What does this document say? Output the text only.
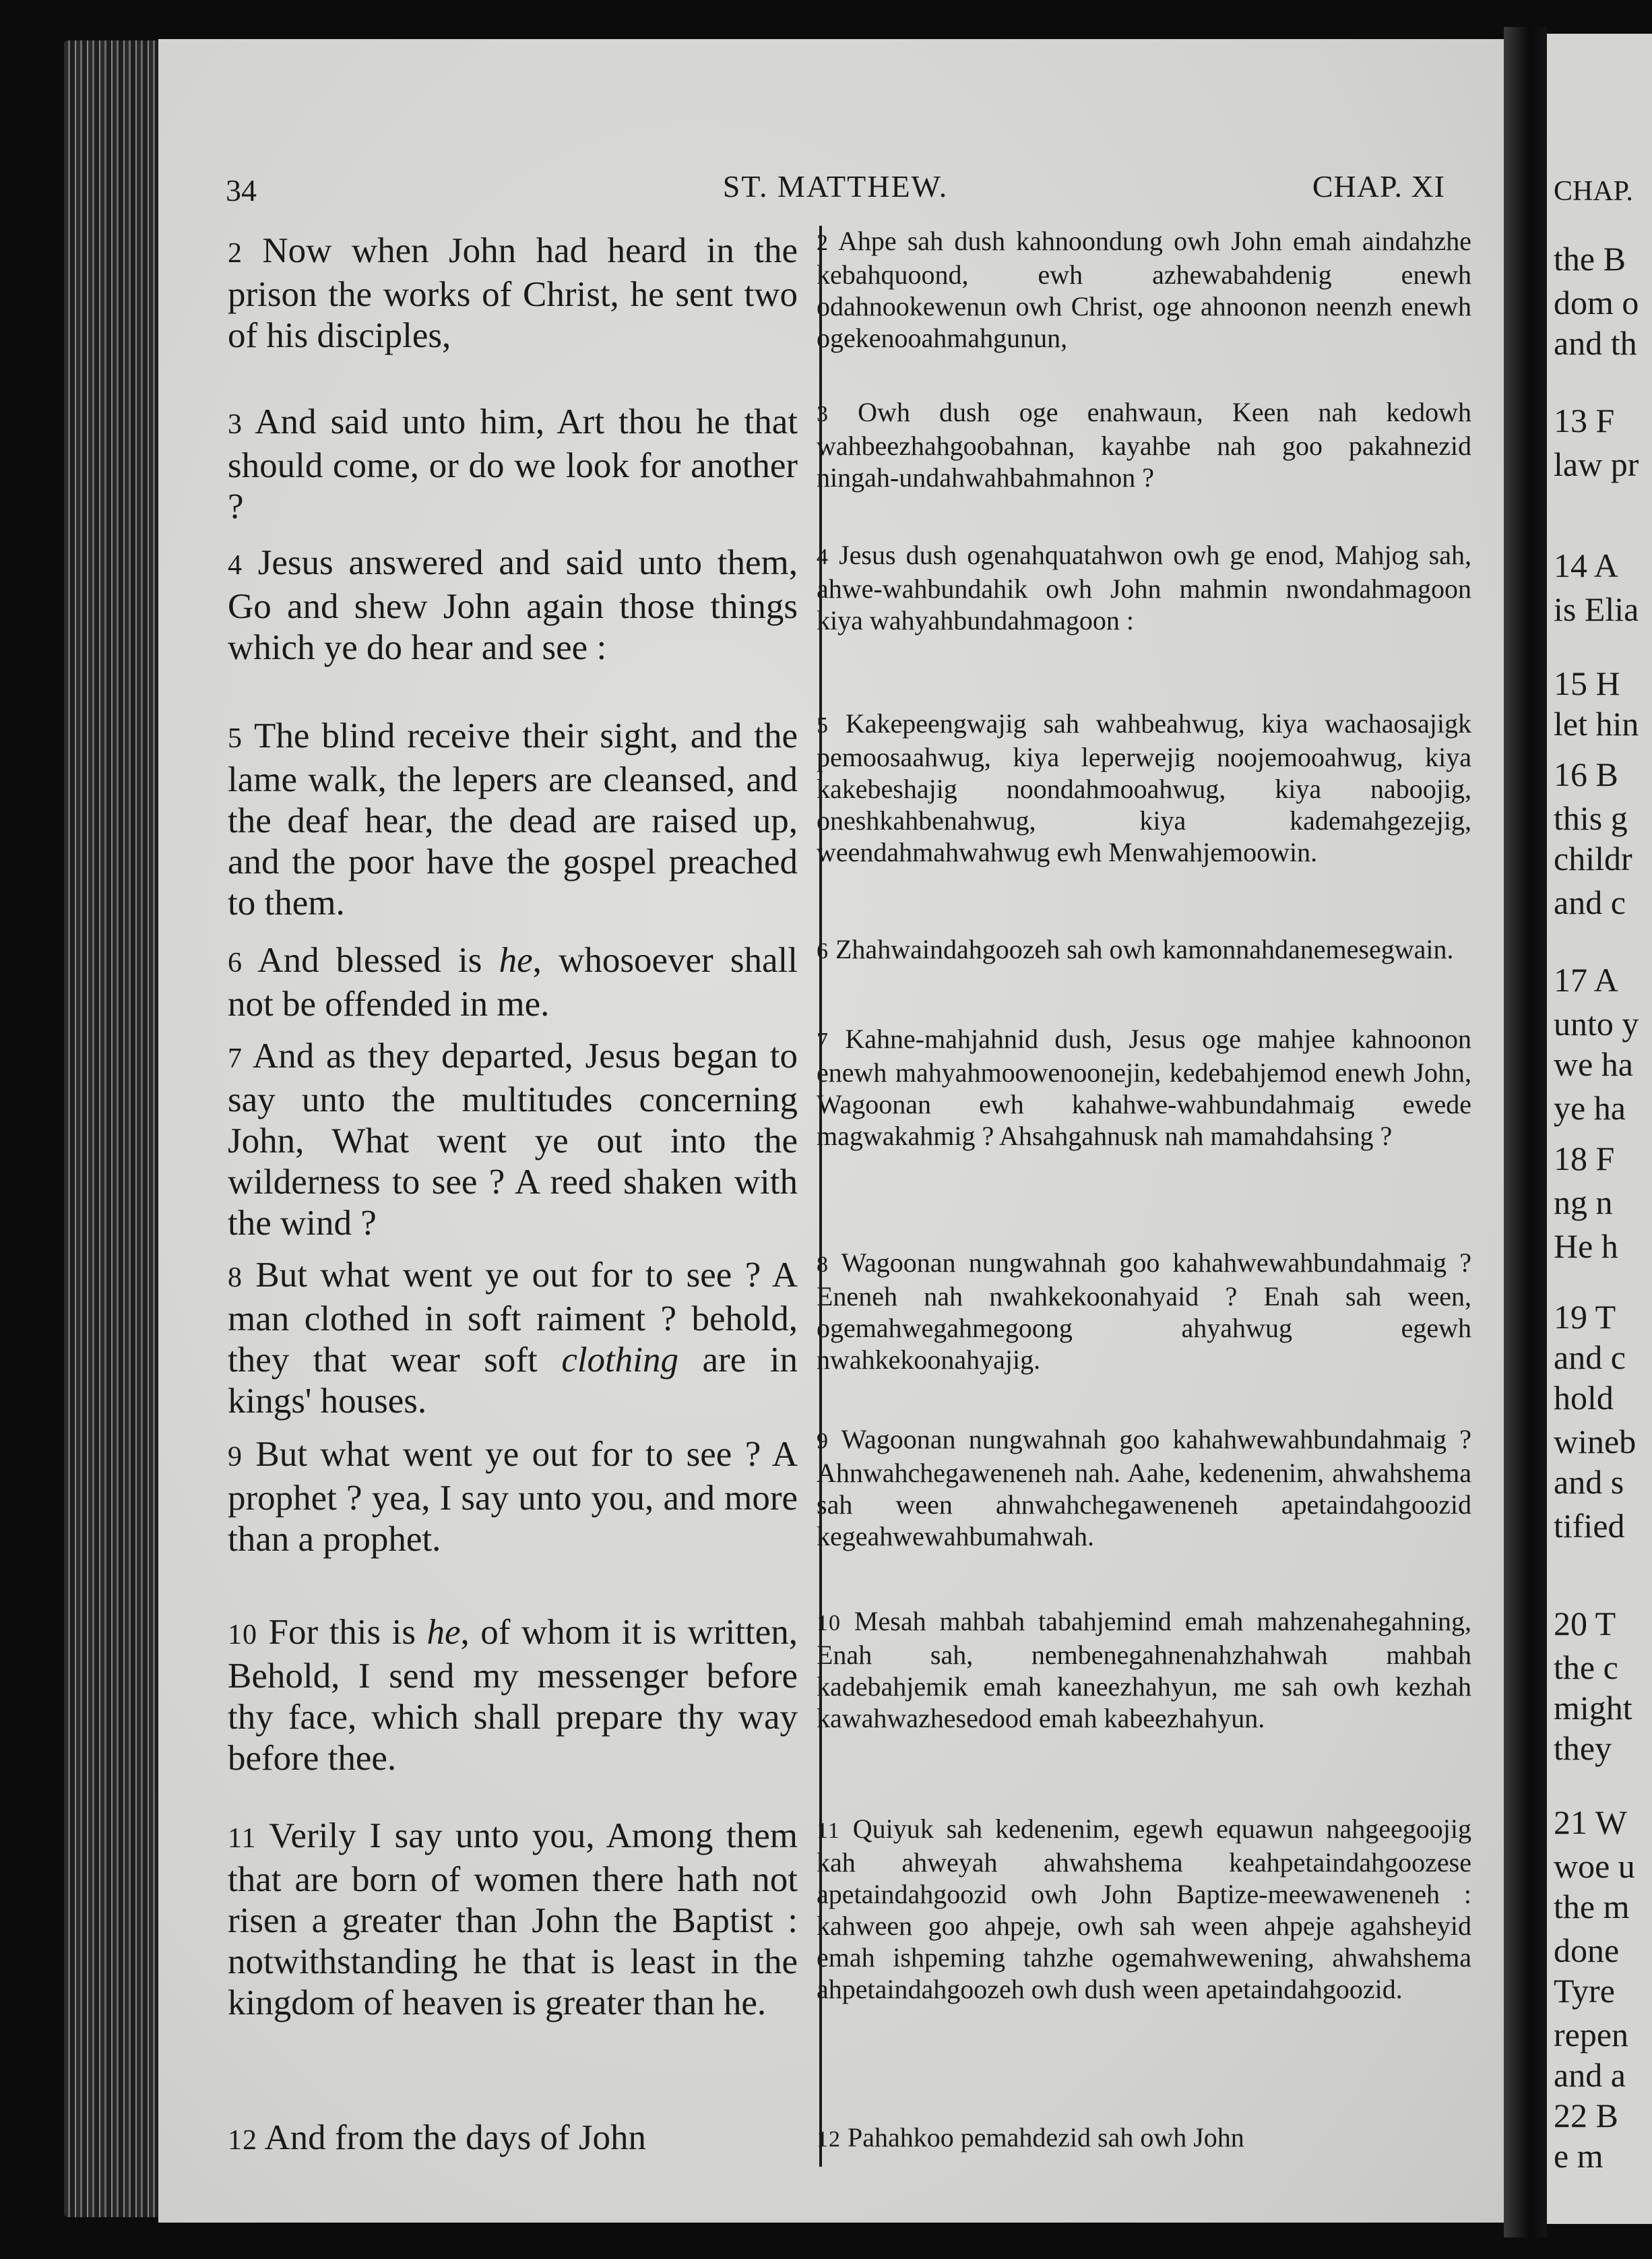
CHAP.
the B
dom o
and th
13 F
law pr
14 A
is Elia
15 H
let hin
16 B
this g
childr
and c
17 A
unto y
we ha
ye ha
18 F
ng n
He h
19 T
and c
hold
wineb
and s
tified
20 T
the c
might
they
21 W
woe u
the m
done
Tyre
repen
and a
22 B
e m
34	ST. MATTHEW.	CHAP. XI

2 Now when John had heard in the prison the works of Christ, he sent two of his disciples,

3 And said unto him, Art thou he that should come, or do we look for another ?

4 Jesus answered and said unto them, Go and shew John again those things which ye do hear and see :

5 The blind receive their sight, and the lame walk, the lepers are cleansed, and the deaf hear, the dead are raised up, and the poor have the gospel preached to them.

6 And blessed is he, whosoever shall not be offended in me.

7 And as they departed, Jesus began to say unto the multitudes concerning John, What went ye out into the wilderness to see ? A reed shaken with the wind ?

8 But what went ye out for to see ? A man clothed in soft raiment ? behold, they that wear soft clothing are in kings' houses.

9 But what went ye out for to see ? A prophet ? yea, I say unto you, and more than a prophet.

10 For this is he, of whom it is written, Behold, I send my messenger before thy face, which shall prepare thy way before thee.

11 Verily I say unto you, Among them that are born of women there hath not risen a greater than John the Baptist : notwithstanding he that is least in the kingdom of heaven is greater than he.

12 And from the days of John

2 Ahpe sah dush kahnoondung owh John emah aindahzhe kebahquoond, ewh azhewabahdenig enewh odahnookewenun owh Christ, oge ahnoonon neenzh enewh ogekenooahmahgunun,

3 Owh dush oge enahwaun, Keen nah kedowh wahbeezhahgoobahnan, kayahbe nah goo pakahnezid ningah-undahwahbahmahnon ?

4 Jesus dush ogenahquatahwon owh ge enod, Mahjog sah, ahwe-wahbundahik owh John mahmin nwondahmagoon kiya wahyahbundahmagoon :

5 Kakepeengwajig sah wahbeahwug, kiya wachaosajigk pemoosaahwug, kiya leperwejig noojemooahwug, kiya kakebeshajig noondahmooahwug, kiya naboojig, oneshkahbenahwug, kiya kademahgezejig, weendahmahwahwug ewh Menwahjemoowin.

6 Zhahwaindahgoozeh sah owh kamonnahdanemesegwain.

7 Kahne-mahjahnid dush, Jesus oge mahjee kahnoonon enewh mahyahmoowenoonejin, kedebahjemod enewh John, Wagoonan ewh kahahwe-wahbundahmaig ewede magwakahmig ? Ahsahgahnusk nah mamahdahsing ?

8 Wagoonan nungwahnah goo kahahwewahbundahmaig ? Eneneh nah nwahkekoonahyaid ? Enah sah ween, ogemahwegahmegoong ahyahwug egewh nwahkekoonahyajig.

9 Wagoonan nungwahnah goo kahahwewahbundahmaig ? Ahnwahchegaweneneh nah. Aahe, kedenenim, ahwahshema sah ween ahnwahchegaweneneh apetaindahgoozid kegeahwewahbumahwah.

10 Mesah mahbah tabahjemind emah mahzenahegahning, Enah sah, nembenegahnenahzhahwah mahbah kadebahjemik emah kaneezhahyun, me sah owh kezhah kawahwazhesedood emah kabeezhahyun.

11 Quiyuk sah kedenenim, egewh equawun nahgeegoojig kah ahweyah ahwahshema keahpetaindahgoozese apetaindahgoozid owh John Baptize-meewaweneneh : kahween goo ahpeje, owh sah ween ahpeje agahsheyid emah ishpeming tahzhe ogemahwewening, ahwahshema ahpetaindahgoozeh owh dush ween apetaindahgoozid.

12 Pahahkoo pemahdezid sah owh John
